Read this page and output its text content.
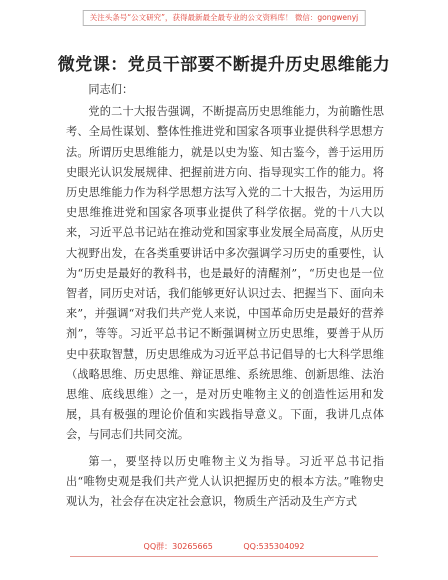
关注头条号“公文研究”，获得最新最全最专业的公文资料库！ 微信：gongwenyj
微党课：党员干部要不断提升历史思维能力

同志们：

党的二十大报告强调，不断提高历史思维能力，为前瞻性思考、全局性谋划、整体性推进党和国家各项事业提供科学思想方法。所谓历史思维能力，就是以史为鉴、知古鉴今，善于运用历史眼光认识发展规律、把握前进方向、指导现实工作的能力。将历史思维能力作为科学思想方法写入党的二十大报告，为运用历史思维推进党和国家各项事业提供了科学依据。党的十八大以来，习近平总书记站在推动党和国家事业发展全局高度，从历史大视野出发，在各类重要讲话中多次强调学习历史的重要性，认为“历史是最好的教科书，也是最好的清醒剂”，“历史也是一位智者，同历史对话，我们能够更好认识过去、把握当下、面向未来”，并强调“对我们共产党人来说，中国革命历史是最好的营养剂”，等等。习近平总书记不断强调树立历史思维，要善于从历史中获取智慧，历史思维成为习近平总书记倡导的七大科学思维（战略思维、历史思维、辩证思维、系统思维、创新思维、法治思维、底线思维）之一，是对历史唯物主义的创造性运用和发展，具有极强的理论价值和实践指导意义。下面，我讲几点体会，与同志们共同交流。

第一，要坚持以历史唯物主义为指导。习近平总书记指出“唯物史观是我们共产党人认识把握历史的根本方法。”唯物史观认为，社会存在决定社会意识，物质生产活动及生产方式

QQ群：30265665	QQ:535304092
